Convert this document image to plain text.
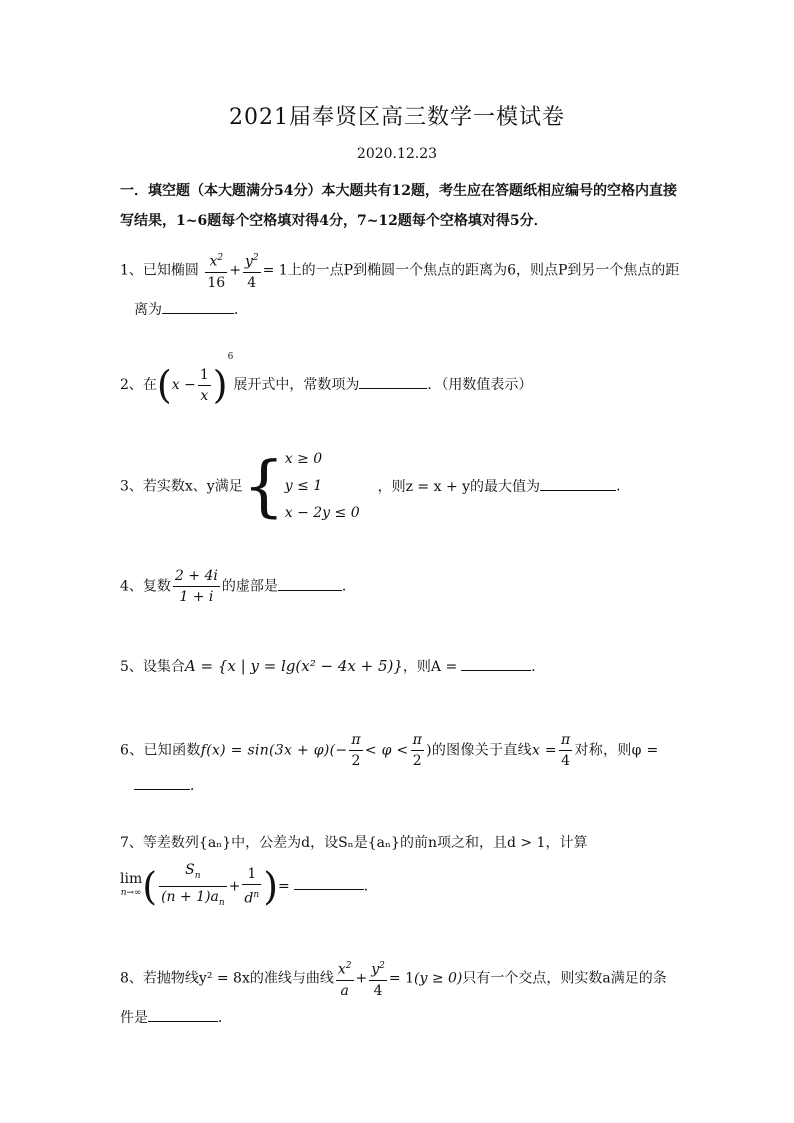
2021届奉贤区高三数学一模试卷
2020.12.23
一．填空题（本大题满分54分）本大题共有12题，考生应在答题纸相应编号的空格内直接写结果，1~6题每个空格填对得4分，7~12题每个空格填对得5分．
1、已知椭圆 $\frac{x^2}{16} + \frac{y^2}{4} = 1$上的一点P到椭圆一个焦点的距离为6，则点P到另一个焦点的距
离为	．
2、在$(x - \frac{1}{x} )^6$展开式中，常数项为	．（用数值表示）
3、若实数x、y满足{ x ≥ 0
y ≤ 1
x − 2y ≤ 0
，则z = x + y的最大值为	．
4、复数 $\frac{2 + 4i}{1 + i}$ 的虚部是	．
5、设集合A = {x | y = lg(x² − 4x + 5)}，则A =	．
6、已知函数$f(x) = \sin(3x + \varphi)(- \frac{\pi}{2} < \varphi < \frac{\pi}{2}$ )的图像关于直线$x = \frac{\pi}{4}$ 对称，则φ =
．
7、等差数列{aₙ}中，公差为d，设Sₙ是{aₙ}的前n项之和，且d > 1，计算
lim
n→∞ ( $\frac{S_n}{(n + 1)a_n} + \frac{1}{d^n}$ )=	．
8、若抛物线y² = 8x的准线与曲线 $\frac{x^2}{a} + \frac{y^2}{4} = 1(y \ge 0)$只有一个交点，则实数a满足的条
件是	．
